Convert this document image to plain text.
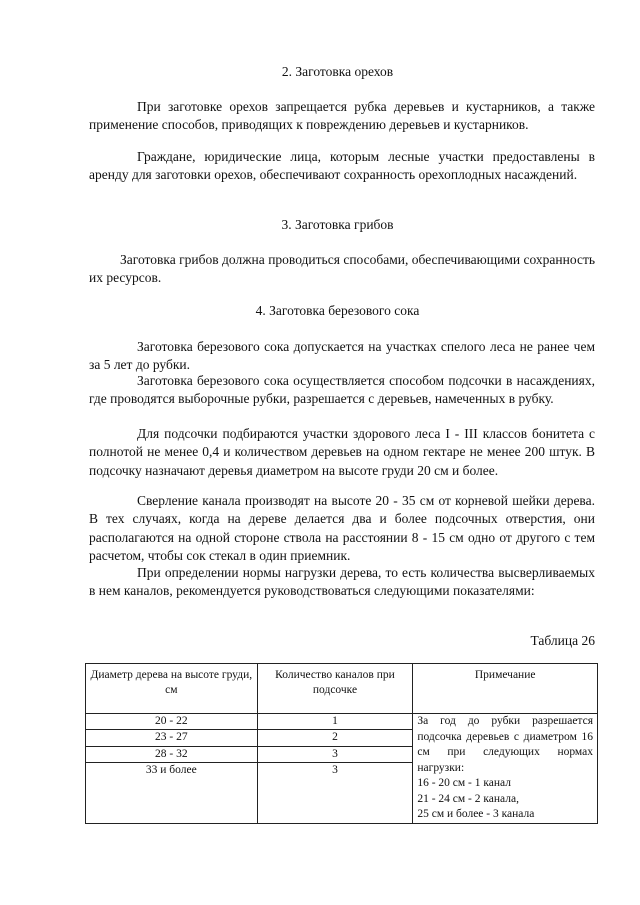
2. Заготовка орехов

При заготовке орехов запрещается рубка деревьев и кустарников, а также применение способов, приводящих к повреждению деревьев и кустарников.

Граждане, юридические лица, которым лесные участки предоставлены в аренду для заготовки орехов, обеспечивают сохранность орехоплодных насаждений.

3. Заготовка грибов

Заготовка грибов должна проводиться способами, обеспечивающими сохранность их ресурсов.

4. Заготовка березового сока

Заготовка березового сока допускается на участках спелого леса не ранее чем за 5 лет до рубки.

Заготовка березового сока осуществляется способом подсочки в насаждениях, где проводятся выборочные рубки, разрешается с деревьев, намеченных в рубку.

Для подсочки подбираются участки здорового леса I - III классов бонитета с полнотой не менее 0,4 и количеством деревьев на одном гектаре не менее 200 штук. В подсочку назначают деревья диаметром на высоте груди 20 см и более.

Сверление канала производят на высоте 20 - 35 см от корневой шейки дерева. В тех случаях, когда на дереве делается два и более подсочных отверстия, они располагаются на одной стороне ствола на расстоянии 8 - 15 см одно от другого с тем расчетом, чтобы сок стекал в один приемник.

При определении нормы нагрузки дерева, то есть количества высверливаемых в нем каналов, рекомендуется руководствоваться следующими показателями:

Таблица 26
Диаметр дерева на высоте груди, см	Количество каналов при подсочке	Примечание
20 - 22	1	За год до рубки разрешается подсочка деревьев с диаметром 16 см при следующих нормах нагрузки:
16 - 20 см - 1 канал
21 - 24 см - 2 канала,
25 см и более - 3 канала

23 - 27	2	
28 - 32	3	
33 и более	3	
